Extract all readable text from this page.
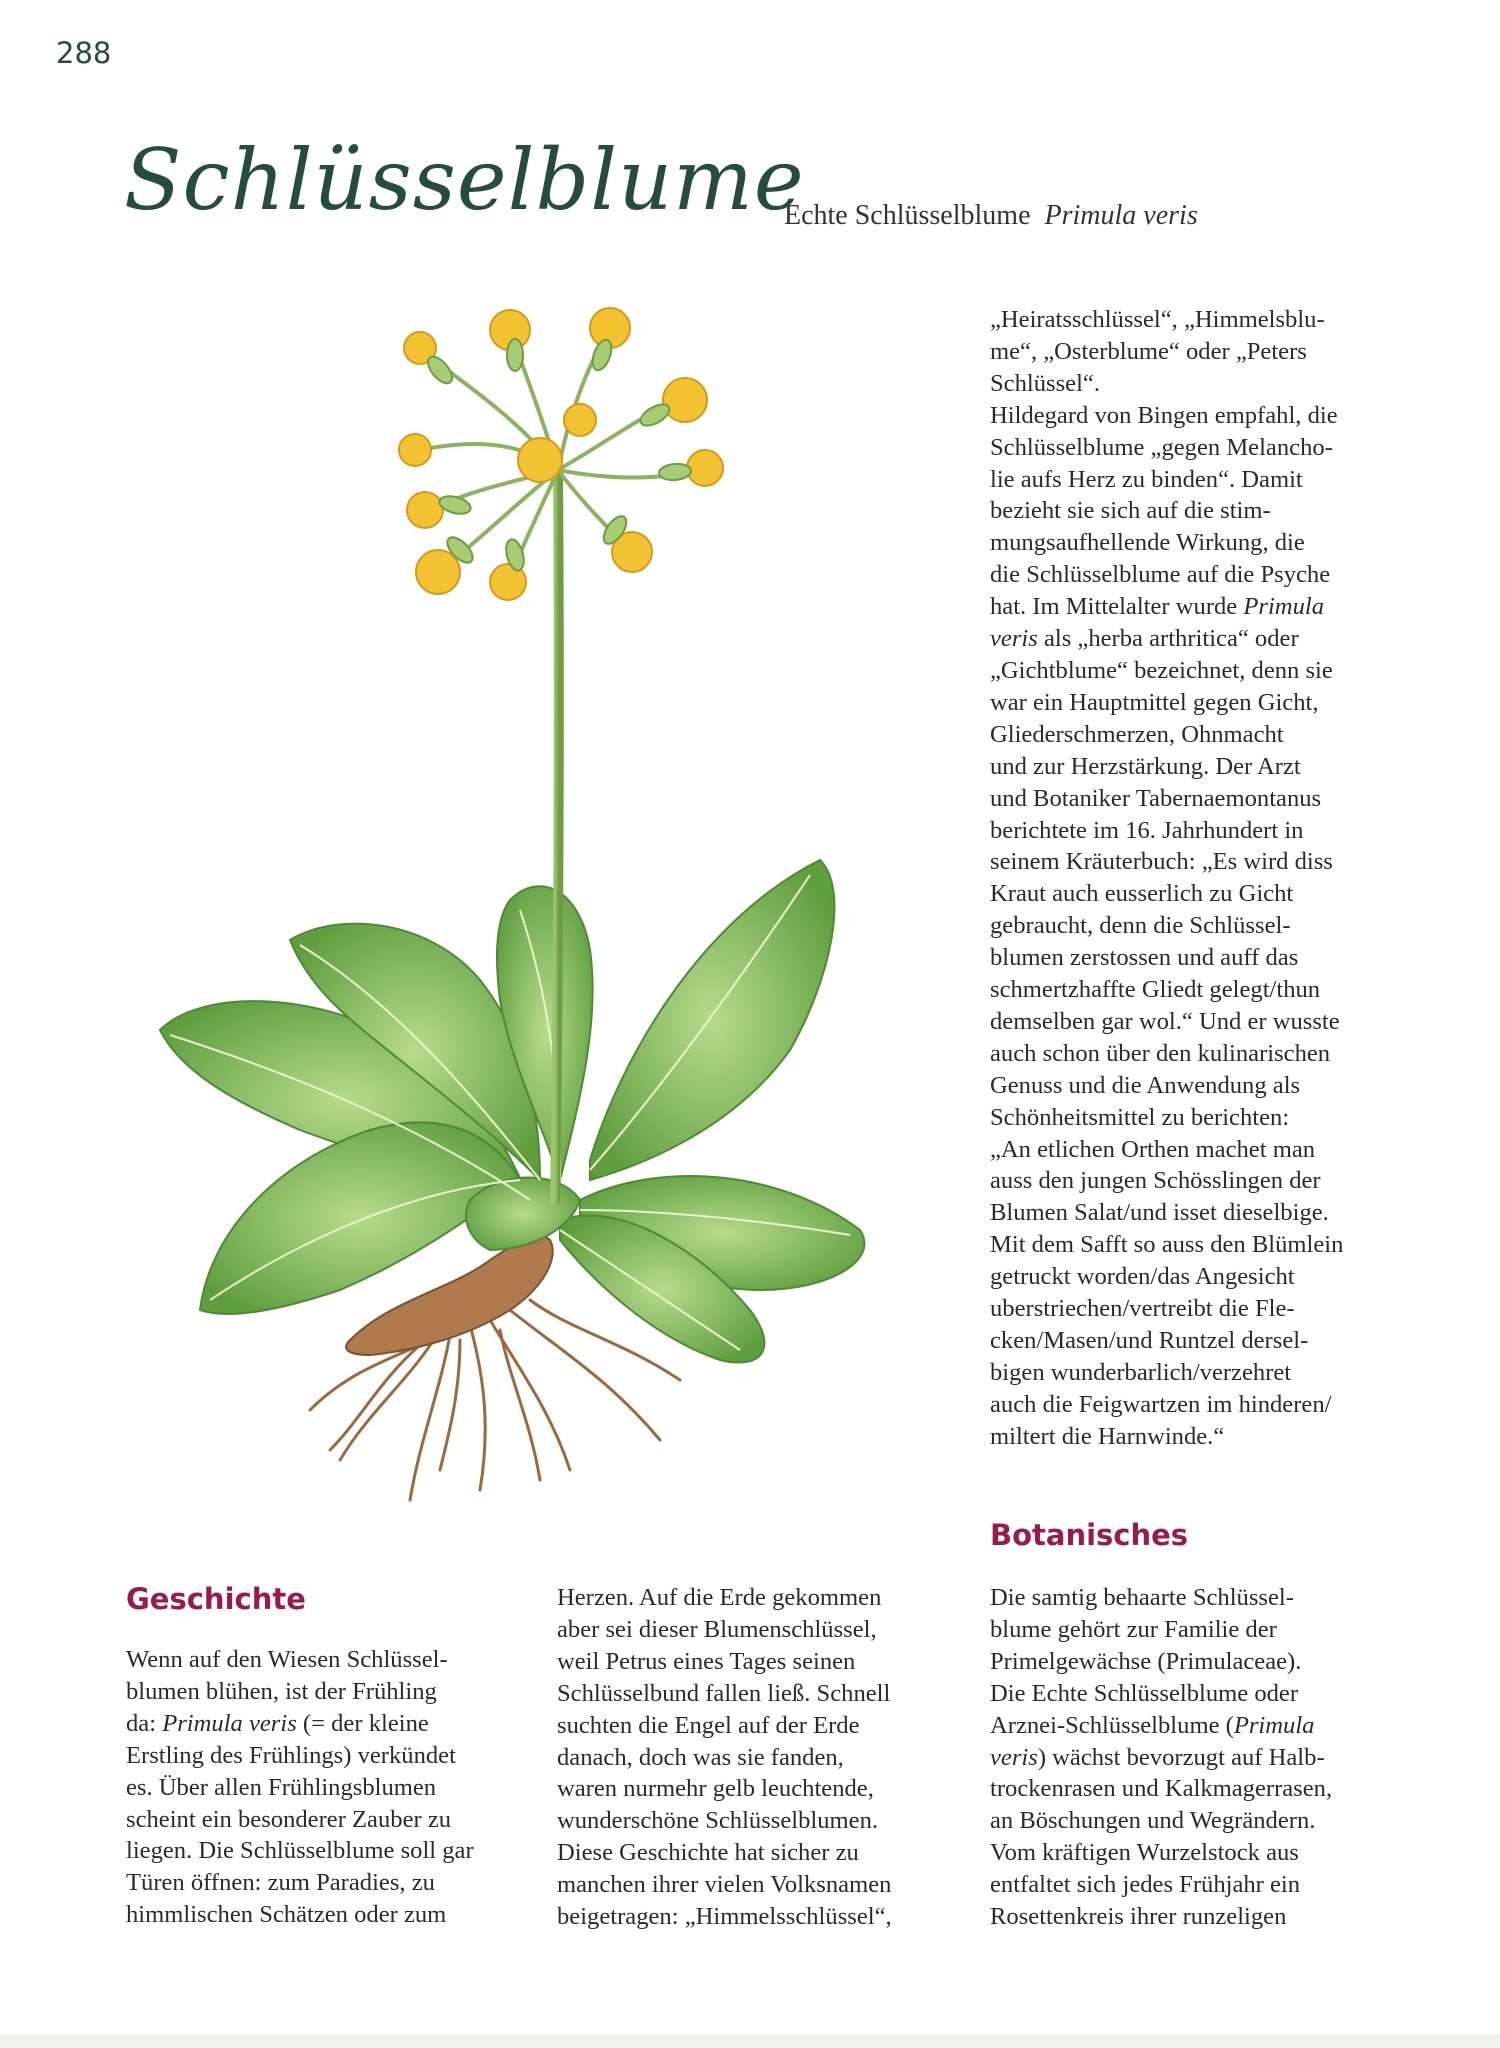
288
Schlüsselblume
Echte Schlüsselblume Primula veris
„Heiratsschlüssel“, „Himmelsblu-
me“, „Osterblume“ oder „Peters
Schlüssel“.
Hildegard von Bingen empfahl, die
Schlüsselblume „gegen Melancho-
lie aufs Herz zu binden“. Damit
bezieht sie sich auf die stim-
mungsaufhellende Wirkung, die
die Schlüsselblume auf die Psyche
hat. Im Mittelalter wurde Primula
veris als „herba arthritica“ oder
„Gichtblume“ bezeichnet, denn sie
war ein Hauptmittel gegen Gicht,
Gliederschmerzen, Ohnmacht
und zur Herzstärkung. Der Arzt
und Botaniker Tabernaemontanus
berichtete im 16. Jahrhundert in
seinem Kräuterbuch: „Es wird diss
Kraut auch eusserlich zu Gicht
gebraucht, denn die Schlüssel-
blumen zerstossen und auff das
schmertzhaffte Gliedt gelegt/thun
demselben gar wol.“ Und er wusste
auch schon über den kulinarischen
Genuss und die Anwendung als
Schönheitsmittel zu berichten:
„An etlichen Orthen machet man
auss den jungen Schösslingen der
Blumen Salat/und isset dieselbige.
Mit dem Safft so auss den Blümlein
getruckt worden/das Angesicht
uberstriechen/vertreibt die Fle-
cken/Masen/und Runtzel dersel-
bigen wunderbarlich/verzehret
auch die Feigwartzen im hinderen/
miltert die Harnwinde.“
Geschichte
Wenn auf den Wiesen Schlüssel-
blumen blühen, ist der Frühling
da: Primula veris (= der kleine
Erstling des Frühlings) verkündet
es. Über allen Frühlingsblumen
scheint ein besonderer Zauber zu
liegen. Die Schlüsselblume soll gar
Türen öffnen: zum Paradies, zu
himmlischen Schätzen oder zum
Herzen. Auf die Erde gekommen
aber sei dieser Blumenschlüssel,
weil Petrus eines Tages seinen
Schlüsselbund fallen ließ. Schnell
suchten die Engel auf der Erde
danach, doch was sie fanden,
waren nurmehr gelb leuchtende,
wunderschöne Schlüsselblumen.
Diese Geschichte hat sicher zu
manchen ihrer vielen Volksnamen
beigetragen: „Himmelsschlüssel“,
Botanisches
Die samtig behaarte Schlüssel-
blume gehört zur Familie der
Primelgewächse (Primulaceae).
Die Echte Schlüsselblume oder
Arznei-Schlüsselblume (Primula
veris) wächst bevorzugt auf Halb-
trockenrasen und Kalkmagerrasen,
an Böschungen und Wegrändern.
Vom kräftigen Wurzelstock aus
entfaltet sich jedes Frühjahr ein
Rosettenkreis ihrer runzeligen
